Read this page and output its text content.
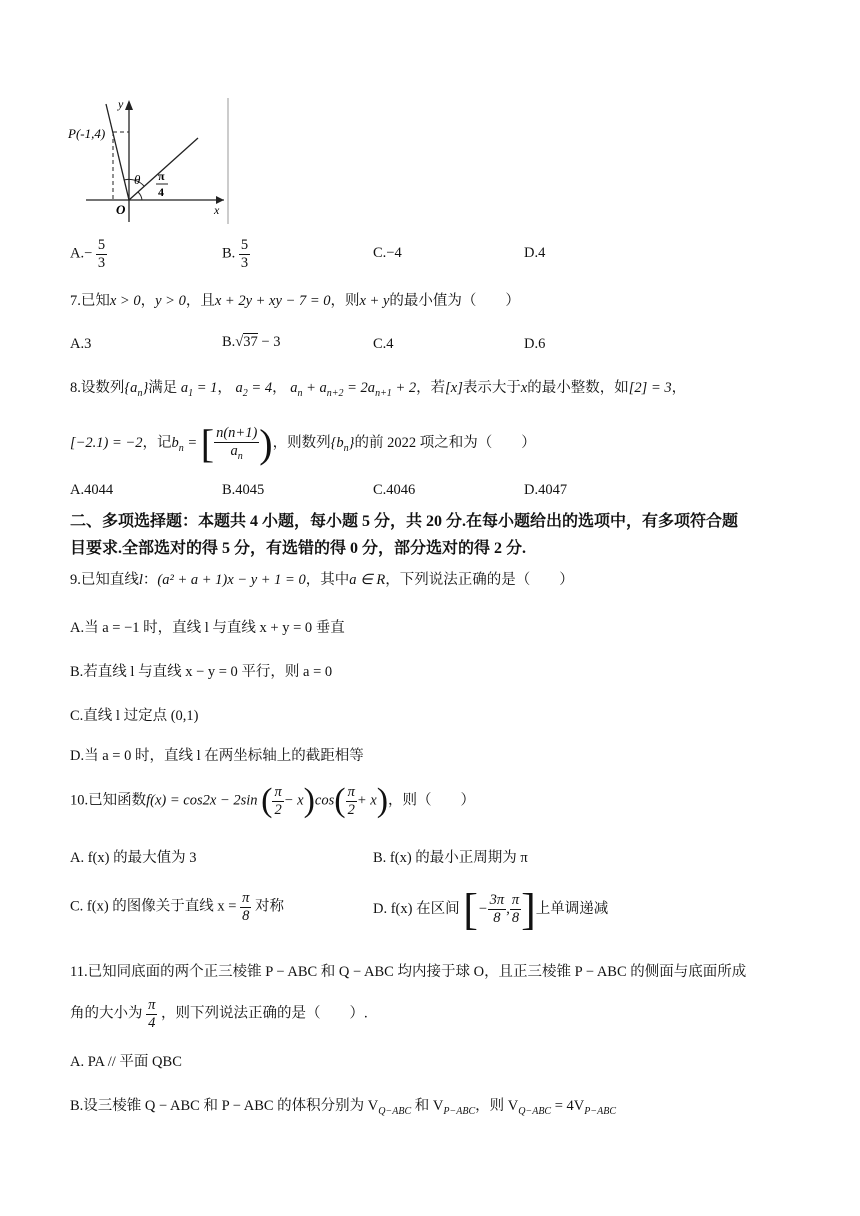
P(-1,4)
y
x
O
θ π
4
$A.- \frac{5}{3}$	B. $\frac{5}{3}$	C.−4	D.4
7.已知x > 0，y > 0，且x + 2y + xy − 7 = 0，则x + y的最小值为（　　）
A.3	B.√37 − 3	C.4	D.6
8.设数列$\{a_n\}$满足 $a_1 = 1$， $a_2 = 4$， $a_n + a_{n+2} = 2a_{n+1} + 2$，若[x]表示大于x的最小整数，如[2] = 3，
[−2.1) = −2，记$b_n$ = [ $\frac{n(n+1)}{a_n}$ )，则数列$\{b_n\}$的前 2022 项之和为（　　）
A.4044	B.4045	C.4046	D.4047
二、多项选择题：本题共 4 小题，每小题 5 分，共 20 分.在每小题给出的选项中，有多项符合题
目要求.全部选对的得 5 分，有选错的得 0 分，部分选对的得 2 分.
9.已知直线l：(a² + a + 1)x − y + 1 = 0，其中a ∈ R，下列说法正确的是（　　）
A.当 a = −1 时，直线 l 与直线 x + y = 0 垂直
B.若直线 l 与直线 x − y = 0 平行，则 a = 0
C.直线 l 过定点 (0,1)
D.当 a = 0 时，直线 l 在两坐标轴上的截距相等
10.已知函数f(x) = cos2x − 2sin ( $\frac{\pi}{2} - x)\cos( \frac{\pi}{2} + x)$，则（　　）
A. f(x) 的最大值为 3	B. f(x) 的最小正周期为 π
C. f(x) 的图像关于直线 $x = \frac{\pi}{8}$ 对称	D. f(x) 在区间 [− $\frac{3\pi}{8}$ , $\frac{\pi}{8}$ ]上单调递减
11.已知同底面的两个正三棱锥 P − ABC 和 Q − ABC 均内接于球 O，且正三棱锥 P − ABC 的侧面与底面所成
角的大小为 $\frac{\pi}{4}$ ，则下列说法正确的是（　　）.
A. PA // 平面 QBC
B.设三棱锥 Q − ABC 和 P − ABC 的体积分别为 $V_{Q-ABC}$ 和 $V_{P-ABC}$，则 $V_{Q-ABC} = 4V_{P-ABC}$
